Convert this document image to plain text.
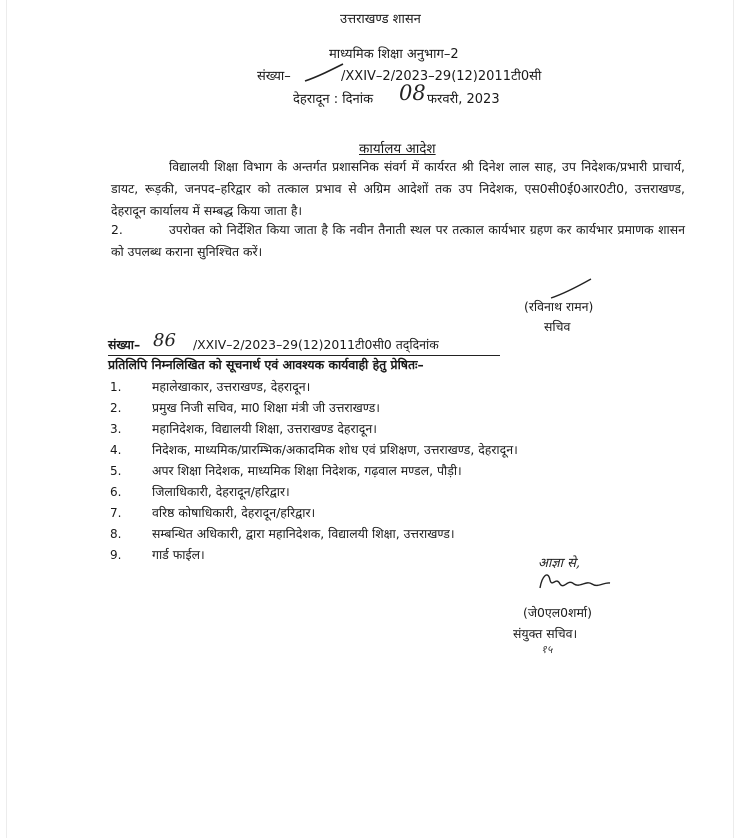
उत्तराखण्ड शासन
माध्यमिक शिक्षा अनुभाग–2
संख्या–	/XXIV–2/2023–29(12)2011टी0सी
देहरादून : दिनांक 08 फरवरी, 2023
कार्यालय आदेश
विद्यालयी शिक्षा विभाग के अन्तर्गत प्रशासनिक संवर्ग में कार्यरत श्री दिनेश लाल साह, उप निदेशक/प्रभारी प्राचार्य, डायट, रूड़की, जनपद–हरिद्वार को तत्काल प्रभाव से अग्रिम आदेशों तक उप निदेशक, एस0सी0ई0आर0टी0, उत्तराखण्ड, देहरादून कार्यालय में सम्बद्ध किया जाता है।
2.	उपरोक्त को निर्देशित किया जाता है कि नवीन तैनाती स्थल पर तत्काल कार्यभार ग्रहण कर कार्यभार प्रमाणक शासन को उपलब्ध कराना सुनिश्चित करें।
(रविनाथ रामन)
सचिव
संख्या– 86 /XXIV–2/2023–29(12)2011टी0सी0 तद्‌दिनांक
प्रतिलिपि निम्नलिखित को सूचनार्थ एवं आवश्यक कार्यवाही हेतु प्रेषितः–
1. महालेखाकार, उत्तराखण्ड, देहरादून।
2. प्रमुख निजी सचिव, मा0 शिक्षा मंत्री जी उत्तराखण्ड।
3. महानिदेशक, विद्यालयी शिक्षा, उत्तराखण्ड देहरादून।
4. निदेशक, माध्यमिक/प्रारम्भिक/अकादमिक शोध एवं प्रशिक्षण, उत्तराखण्ड, देहरादून।
5. अपर शिक्षा निदेशक, माध्यमिक शिक्षा निदेशक, गढ़वाल मण्डल, पौड़ी।
6. जिलाधिकारी, देहरादून/हरिद्वार।
7. वरिष्ठ कोषाधिकारी, देहरादून/हरिद्वार।
8. सम्बन्धित अधिकारी, द्वारा महानिदेशक, विद्यालयी शिक्षा, उत्तराखण्ड।
9. गार्ड फाईल।
आज्ञा से,
(जे0एल0शर्मा)
संयुक्त सचिव।
१५
